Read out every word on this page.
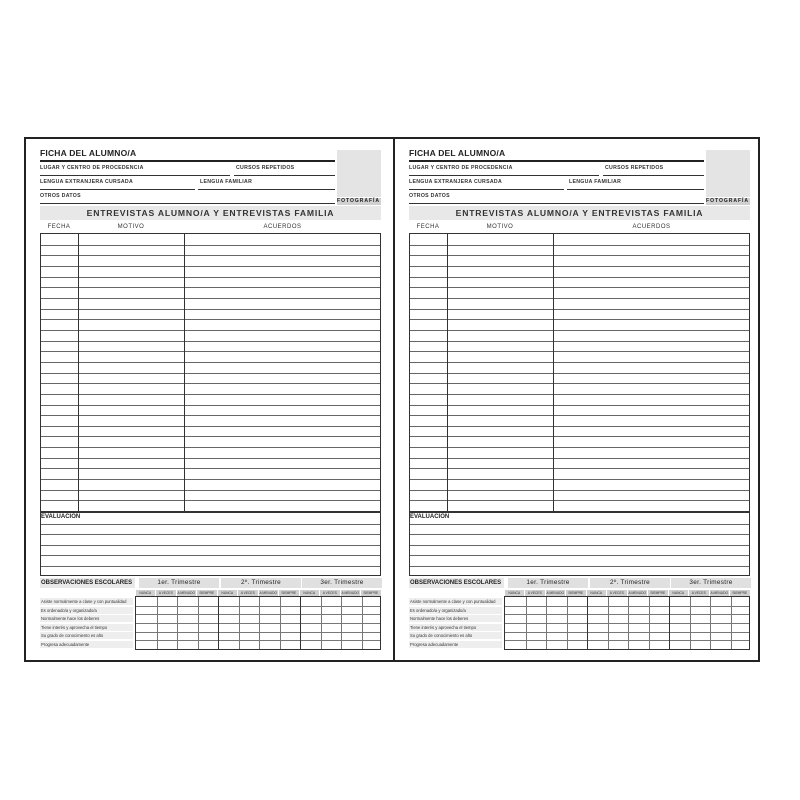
FICHA DEL ALUMNO/A
LUGAR Y CENTRO DE PROCEDENCIA	CURSOS REPETIDOS
LENGUA EXTRANJERA CURSADA	LENGUA FAMILIAR
OTROS DATOS
FOTOGRAFÍA
ENTREVISTAS ALUMNO/A Y ENTREVISTAS FAMILIA
FECHA	MOTIVO	ACUERDOS
EVALUACIÓN
OBSERVACIONES ESCOLARES	1er. Trimestre	2º. Trimestre	3er. Trimestre
Asiste normalmente a clase y con puntualidad
Es ordenado/a y organizado/a
Normalmente hace los deberes
Tiene interés y aprovecha el tiempo
Su grado de conocimiento es alto
Progresa adecuadamente
NUNCA	A VECES	A MENUDO	SIEMPRE	NUNCA	A VECES	A MENUDO	SIEMPRE	NUNCA	A VECES	A MENUDO	SIEMPRE
FICHA DEL ALUMNO/A
LUGAR Y CENTRO DE PROCEDENCIA	CURSOS REPETIDOS
LENGUA EXTRANJERA CURSADA	LENGUA FAMILIAR
OTROS DATOS
FOTOGRAFÍA
ENTREVISTAS ALUMNO/A Y ENTREVISTAS FAMILIA
FECHA	MOTIVO	ACUERDOS
EVALUACIÓN
OBSERVACIONES ESCOLARES	1er. Trimestre	2º. Trimestre	3er. Trimestre
Asiste normalmente a clase y con puntualidad
Es ordenado/a y organizado/a
Normalmente hace los deberes
Tiene interés y aprovecha el tiempo
Su grado de conocimiento es alto
Progresa adecuadamente
NUNCA	A VECES	A MENUDO	SIEMPRE	NUNCA	A VECES	A MENUDO	SIEMPRE	NUNCA	A VECES	A MENUDO	SIEMPRE
